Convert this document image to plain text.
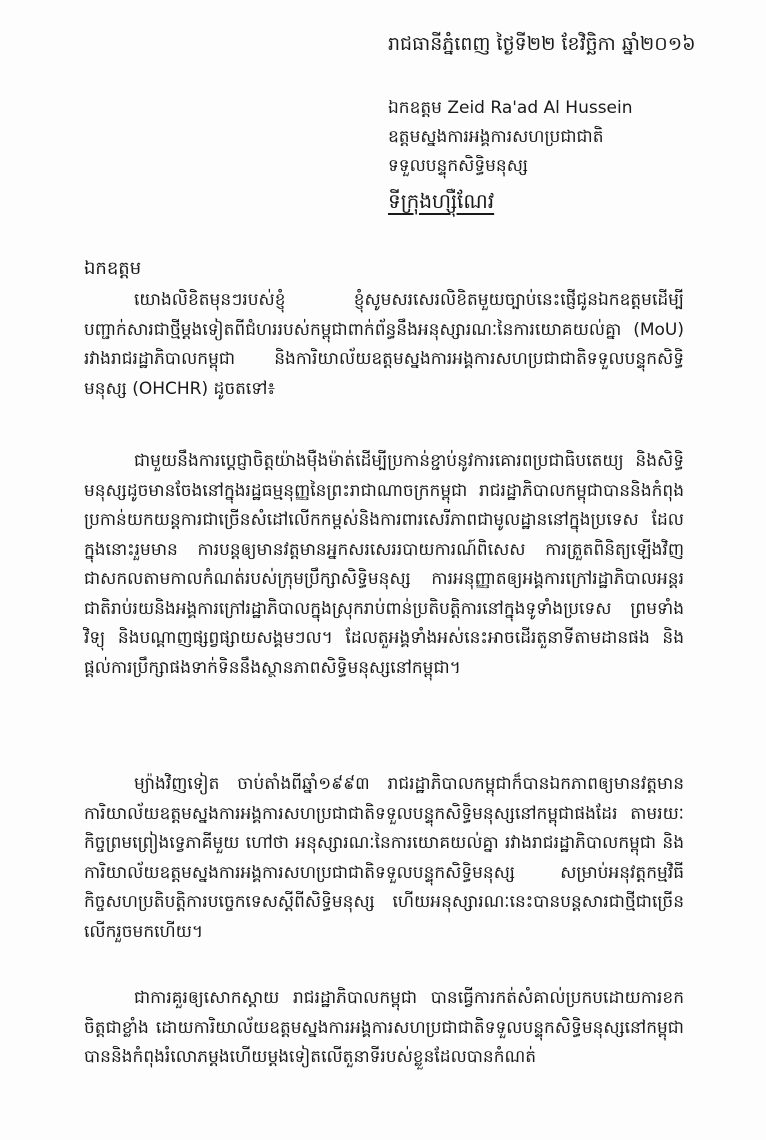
រាជធានីភ្នំពេញ ថ្ងៃទី២២ ខែវិច្ឆិកា ឆ្នាំ២០១៦
ឯកឧត្តម Zeid Ra'ad Al Hussein
ឧត្តមស្នងការអង្គការសហប្រជាជាតិ
ទទួលបន្ទុកសិទ្ធិមនុស្ស
ទីក្រុងហ្ស៊ឺណែវ
ឯកឧត្តម

យោងលិខិតមុនៗរបស់ខ្ញុំ ខ្ញុំសូមសរសេរលិខិតមួយច្បាប់នេះផ្ញើជូនឯកឧត្តមដើម្បីបញ្ជាក់សារជាថ្មីម្តងទៀតពីជំហររបស់កម្ពុជាពាក់ព័ន្ធនឹងអនុស្សារណៈនៃការយោគយល់គ្នា (MoU) រវាងរាជរដ្ឋាភិបាលកម្ពុជា និងការិយាល័យឧត្តមស្នងការអង្គការសហប្រជាជាតិទទួលបន្ទុកសិទ្ធិមនុស្ស (OHCHR) ដូចតទៅ៖

ជាមួយនឹងការប្តេជ្ញាចិត្តយ៉ាងម៉ឺងម៉ាត់ដើម្បីប្រកាន់ខ្ជាប់នូវការគោរពប្រជាធិបតេយ្យ និងសិទ្ធិមនុស្សដូចមានចែងនៅក្នុងរដ្ឋធម្មនុញ្ញនៃព្រះរាជាណាចក្រកម្ពុជា រាជរដ្ឋាភិបាលកម្ពុជាបាននិងកំពុងប្រកាន់យកយន្តការជាច្រើនសំដៅលើកកម្ពស់និងការពារសេរីភាពជាមូលដ្ឋាននៅក្នុងប្រទេស ដែលក្នុងនោះរួមមាន ការបន្តឲ្យមានវត្តមានអ្នកសរសេររបាយការណ៍ពិសេស ការត្រួតពិនិត្យឡើងវិញជាសកលតាមកាលកំណត់របស់ក្រុមប្រឹក្សាសិទ្ធិមនុស្ស ការអនុញ្ញាតឲ្យអង្គការក្រៅរដ្ឋាភិបាលអន្តរជាតិរាប់រយនិងអង្គការក្រៅរដ្ឋាភិបាលក្នុងស្រុករាប់ពាន់ប្រតិបត្តិការនៅក្នុងទូទាំងប្រទេស ព្រមទាំងវិទ្យុ និងបណ្តាញផ្សព្វផ្សាយសង្គមៗល។ ដែលតួអង្គទាំងអស់នេះអាចដើរតួនាទីតាមដានផង និងផ្តល់ការប្រឹក្សាផងទាក់ទិននឹងស្ថានភាពសិទ្ធិមនុស្សនៅកម្ពុជា។

ម្យ៉ាងវិញទៀត ចាប់តាំងពីឆ្នាំ១៩៩៣ រាជរដ្ឋាភិបាលកម្ពុជាក៏បានឯកភាពឲ្យមានវត្តមានការិយាល័យឧត្តមស្នងការអង្គការសហប្រជាជាតិទទួលបន្ទុកសិទ្ធិមនុស្សនៅកម្ពុជាផងដែរ តាមរយៈកិច្ចព្រមព្រៀងទ្វេភាគីមួយ ហៅថា អនុស្សារណៈនៃការយោគយល់គ្នា រវាងរាជរដ្ឋាភិបាលកម្ពុជា និងការិយាល័យឧត្តមស្នងការអង្គការសហប្រជាជាតិទទួលបន្ទុកសិទ្ធិមនុស្ស សម្រាប់អនុវត្តកម្មវិធីកិច្ចសហប្រតិបត្តិការបច្ចេកទេសស្តីពីសិទ្ធិមនុស្ស ហើយអនុស្សារណៈនេះបានបន្តសារជាថ្មីជាច្រើនលើករួចមកហើយ។

ជាការគួរឲ្យសោកស្តាយ រាជរដ្ឋាភិបាលកម្ពុជា បានធ្វើការកត់សំគាល់ប្រកបដោយការខកចិត្តជាខ្លាំង ដោយការិយាល័យឧត្តមស្នងការអង្គការសហប្រជាជាតិទទួលបន្ទុកសិទ្ធិមនុស្សនៅកម្ពុជាបាននិងកំពុងរំលោភម្តងហើយម្តងទៀតលើតួនាទីរបស់ខ្លួនដែលបានកំណត់
